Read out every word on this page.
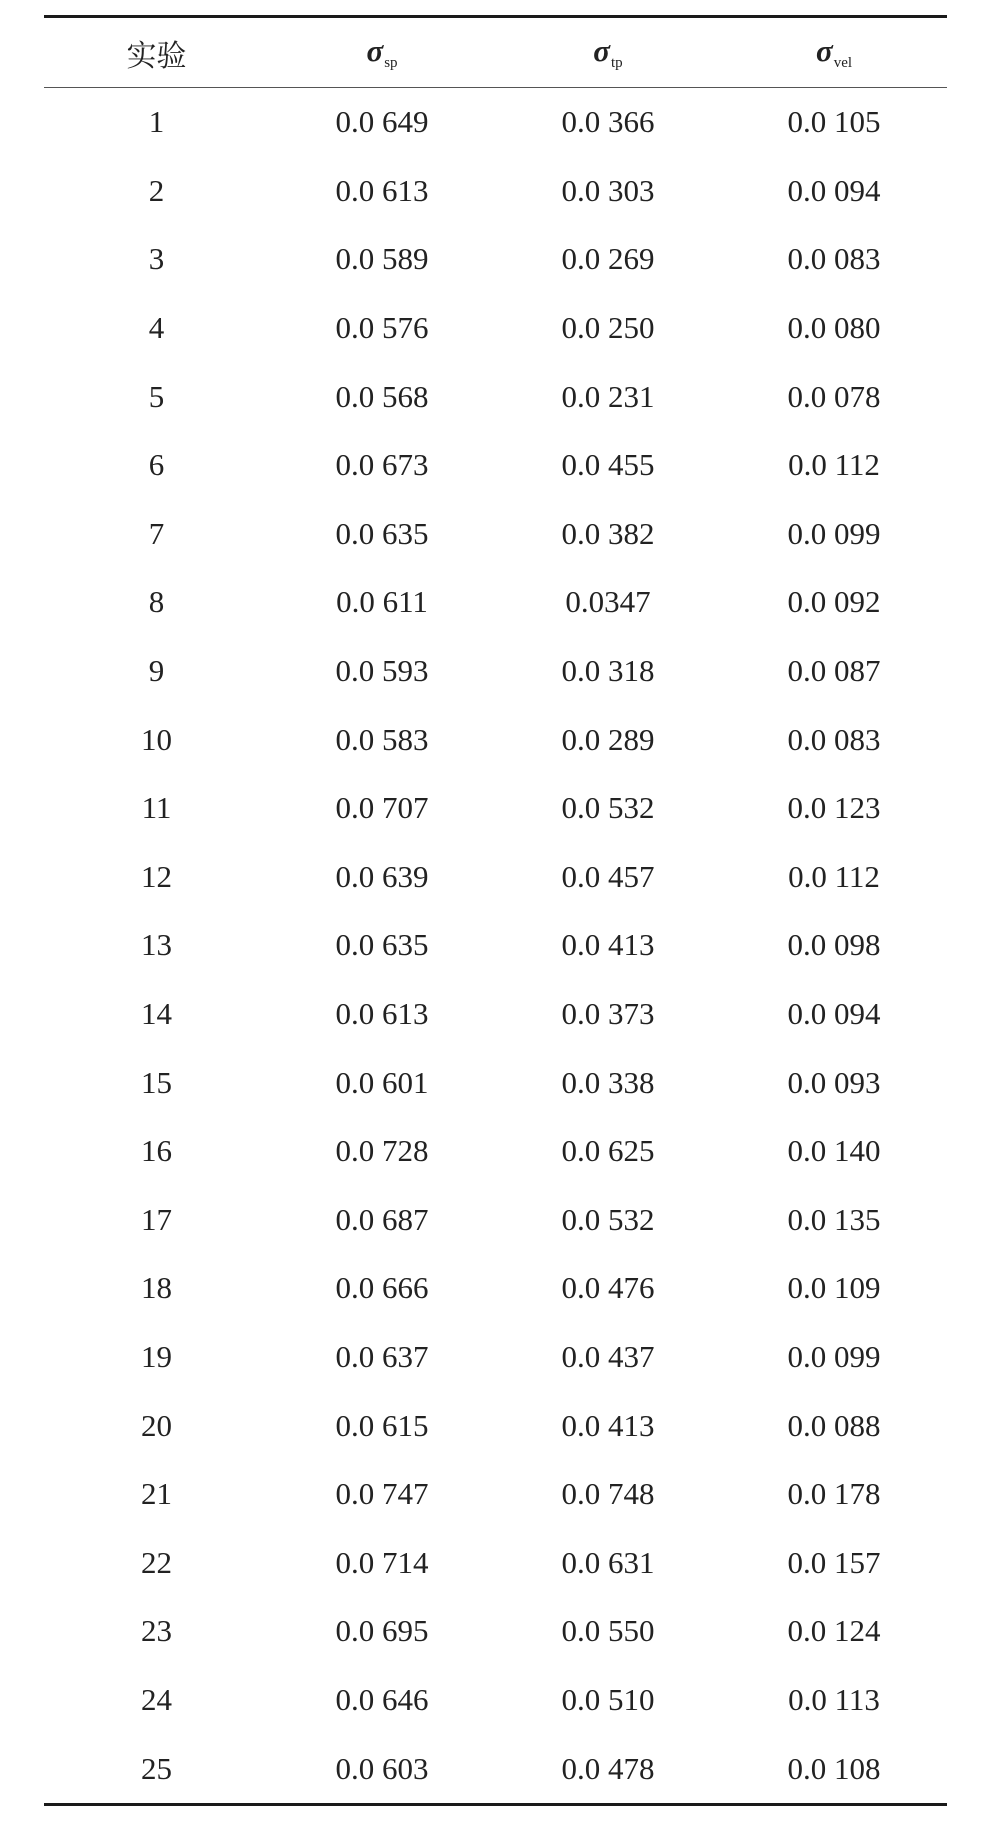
实验	$\sigma_{sp}$	$\sigma_{tp}$	$\sigma_{vel}$
1	0.0 649	0.0 366	0.0 105
2	0.0 613	0.0 303	0.0 094
3	0.0 589	0.0 269	0.0 083
4	0.0 576	0.0 250	0.0 080
5	0.0 568	0.0 231	0.0 078
6	0.0 673	0.0 455	0.0 112
7	0.0 635	0.0 382	0.0 099
8	0.0 611	0.0347	0.0 092
9	0.0 593	0.0 318	0.0 087
10	0.0 583	0.0 289	0.0 083
11	0.0 707	0.0 532	0.0 123
12	0.0 639	0.0 457	0.0 112
13	0.0 635	0.0 413	0.0 098
14	0.0 613	0.0 373	0.0 094
15	0.0 601	0.0 338	0.0 093
16	0.0 728	0.0 625	0.0 140
17	0.0 687	0.0 532	0.0 135
18	0.0 666	0.0 476	0.0 109
19	0.0 637	0.0 437	0.0 099
20	0.0 615	0.0 413	0.0 088
21	0.0 747	0.0 748	0.0 178
22	0.0 714	0.0 631	0.0 157
23	0.0 695	0.0 550	0.0 124
24	0.0 646	0.0 510	0.0 113
25	0.0 603	0.0 478	0.0 108
